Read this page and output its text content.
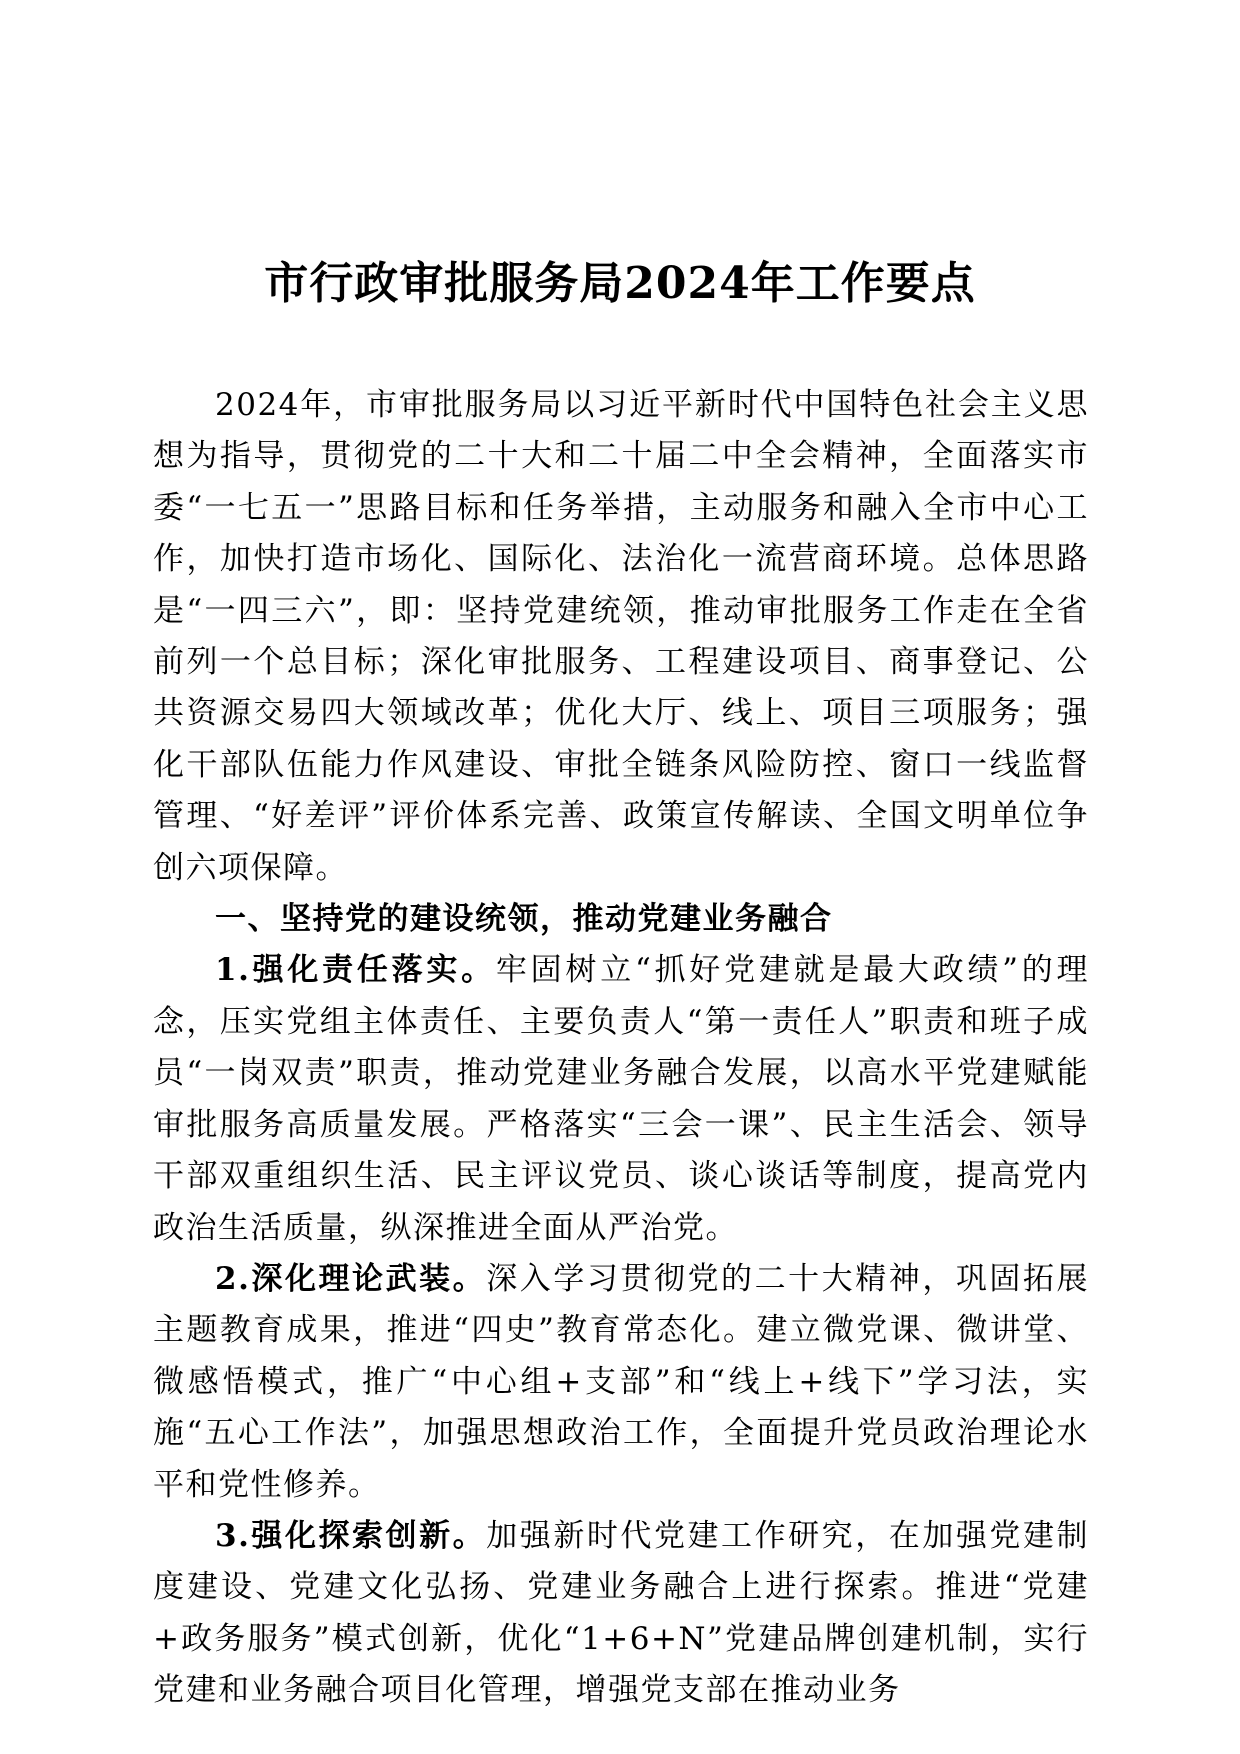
市行政审批服务局2024年工作要点

2024年，市审批服务局以习近平新时代中国特色社会主义思想为指导，贯彻党的二十大和二十届二中全会精神，全面落实市委“一七五一”思路目标和任务举措，主动服务和融入全市中心工作，加快打造市场化、国际化、法治化一流营商环境。总体思路是“一四三六”，即：坚持党建统领，推动审批服务工作走在全省前列一个总目标；深化审批服务、工程建设项目、商事登记、公共资源交易四大领域改革；优化大厅、线上、项目三项服务；强化干部队伍能力作风建设、审批全链条风险防控、窗口一线监督管理、“好差评”评价体系完善、政策宣传解读、全国文明单位争创六项保障。

一、坚持党的建设统领，推动党建业务融合

1.强化责任落实。牢固树立“抓好党建就是最大政绩”的理念，压实党组主体责任、主要负责人“第一责任人”职责和班子成员“一岗双责”职责，推动党建业务融合发展，以高水平党建赋能审批服务高质量发展。严格落实“三会一课”、民主生活会、领导干部双重组织生活、民主评议党员、谈心谈话等制度，提高党内政治生活质量，纵深推进全面从严治党。

2.深化理论武装。深入学习贯彻党的二十大精神，巩固拓展主题教育成果，推进“四史”教育常态化。建立微党课、微讲堂、微感悟模式，推广“中心组+支部”和“线上+线下”学习法，实施“五心工作法”，加强思想政治工作，全面提升党员政治理论水平和党性修养。

3.强化探索创新。加强新时代党建工作研究，在加强党建制度建设、党建文化弘扬、党建业务融合上进行探索。推进“党建+政务服务”模式创新，优化“1+6+N”党建品牌创建机制，实行党建和业务融合项目化管理，增强党支部在推动业务
